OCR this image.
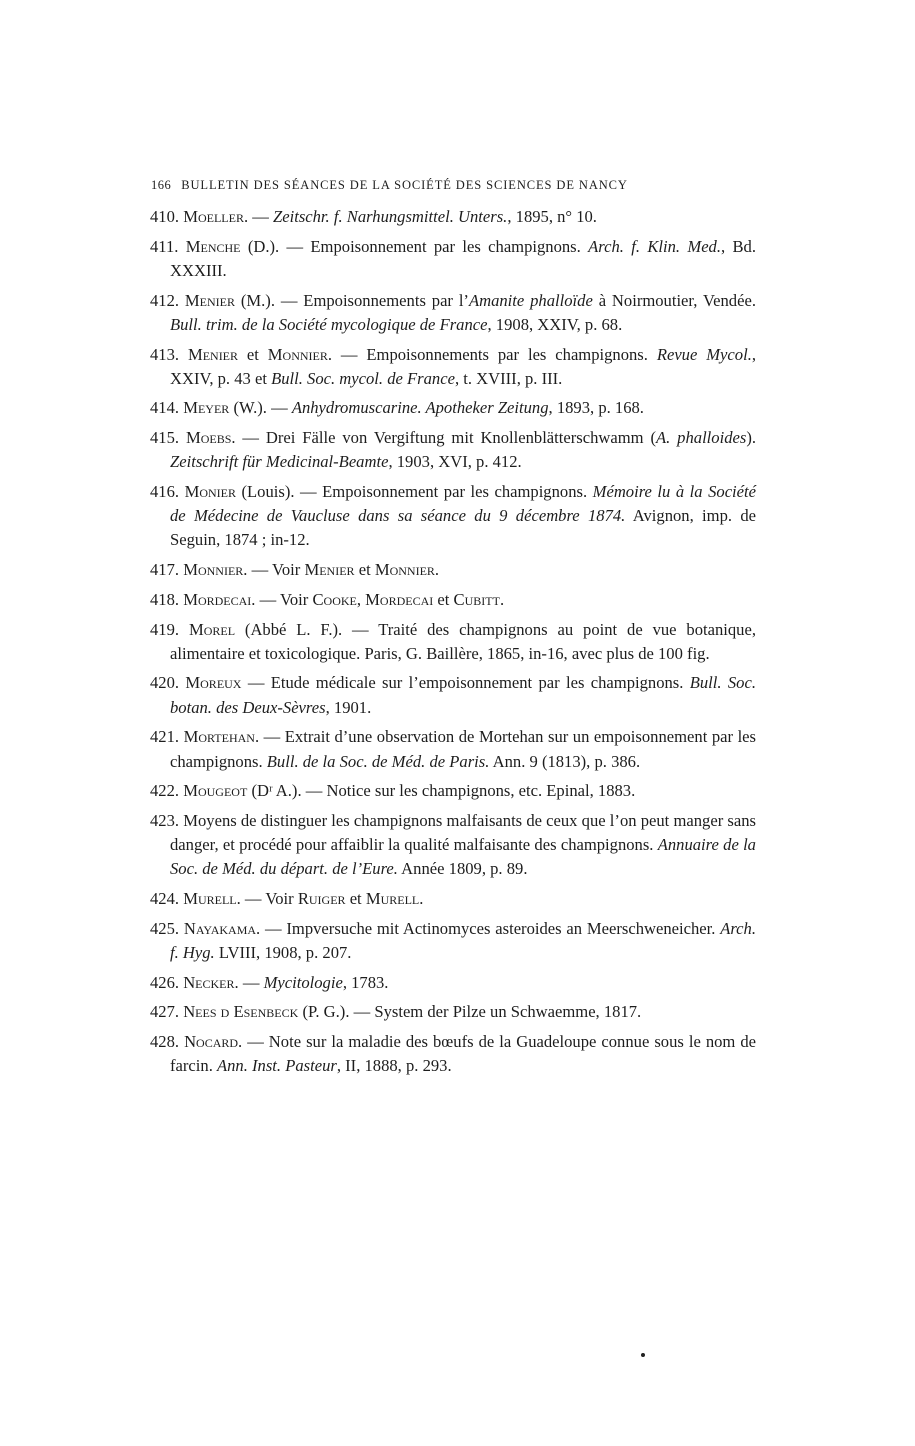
166 BULLETIN DES SÉANCES DE LA SOCIÉTÉ DES SCIENCES DE NANCY
410. Moeller. — Zeitschr. f. Narhungsmittel. Unters., 1895, n° 10.
411. Menche (D.). — Empoisonnement par les champignons. Arch. f. Klin. Med., Bd. XXXIII.
412. Menier (M.). — Empoisonnements par l’Amanite phalloïde à Noirmoutier, Vendée. Bull. trim. de la Société mycologique de France, 1908, XXIV, p. 68.
413. Menier et Monnier. — Empoisonnements par les champignons. Revue Mycol., XXIV, p. 43 et Bull. Soc. mycol. de France, t. XVIII, p. III.
414. Meyer (W.). — Anhydromuscarine. Apotheker Zeitung, 1893, p. 168.
415. Moebs. — Drei Fälle von Vergiftung mit Knollenblätterschwamm (A. phalloides). Zeitschrift für Medicinal-Beamte, 1903, XVI, p. 412.
416. Monier (Louis). — Empoisonnement par les champignons. Mémoire lu à la Société de Médecine de Vaucluse dans sa séance du 9 décembre 1874. Avignon, imp. de Seguin, 1874 ; in-12.
417. Monnier. — Voir Menier et Monnier.
418. Mordecai. — Voir Cooke, Mordecai et Cubitt.
419. Morel (Abbé L. F.). — Traité des champignons au point de vue botanique, alimentaire et toxicologique. Paris, G. Baillère, 1865, in-16, avec plus de 100 fig.
420. Moreux — Etude médicale sur l’empoisonnement par les champignons. Bull. Soc. botan. des Deux-Sèvres, 1901.
421. Mortehan. — Extrait d’une observation de Mortehan sur un empoisonnement par les champignons. Bull. de la Soc. de Méd. de Paris. Ann. 9 (1813), p. 386.
422. Mougeot (Dʳ A.). — Notice sur les champignons, etc. Epinal, 1883.
423. Moyens de distinguer les champignons malfaisants de ceux que l’on peut manger sans danger, et procédé pour affaiblir la qualité malfaisante des champignons. Annuaire de la Soc. de Méd. du départ. de l’Eure. Année 1809, p. 89.
424. Murell. — Voir Ruiger et Murell.
425. Nayakama. — Impversuche mit Actinomyces asteroides an Meerschweneicher. Arch. f. Hyg. LVIII, 1908, p. 207.
426. Necker. — Mycitologie, 1783.
427. Nees d Esenbeck (P. G.). — System der Pilze un Schwaemme, 1817.
428. Nocard. — Note sur la maladie des bœufs de la Guadeloupe connue sous le nom de farcin. Ann. Inst. Pasteur, II, 1888, p. 293.
